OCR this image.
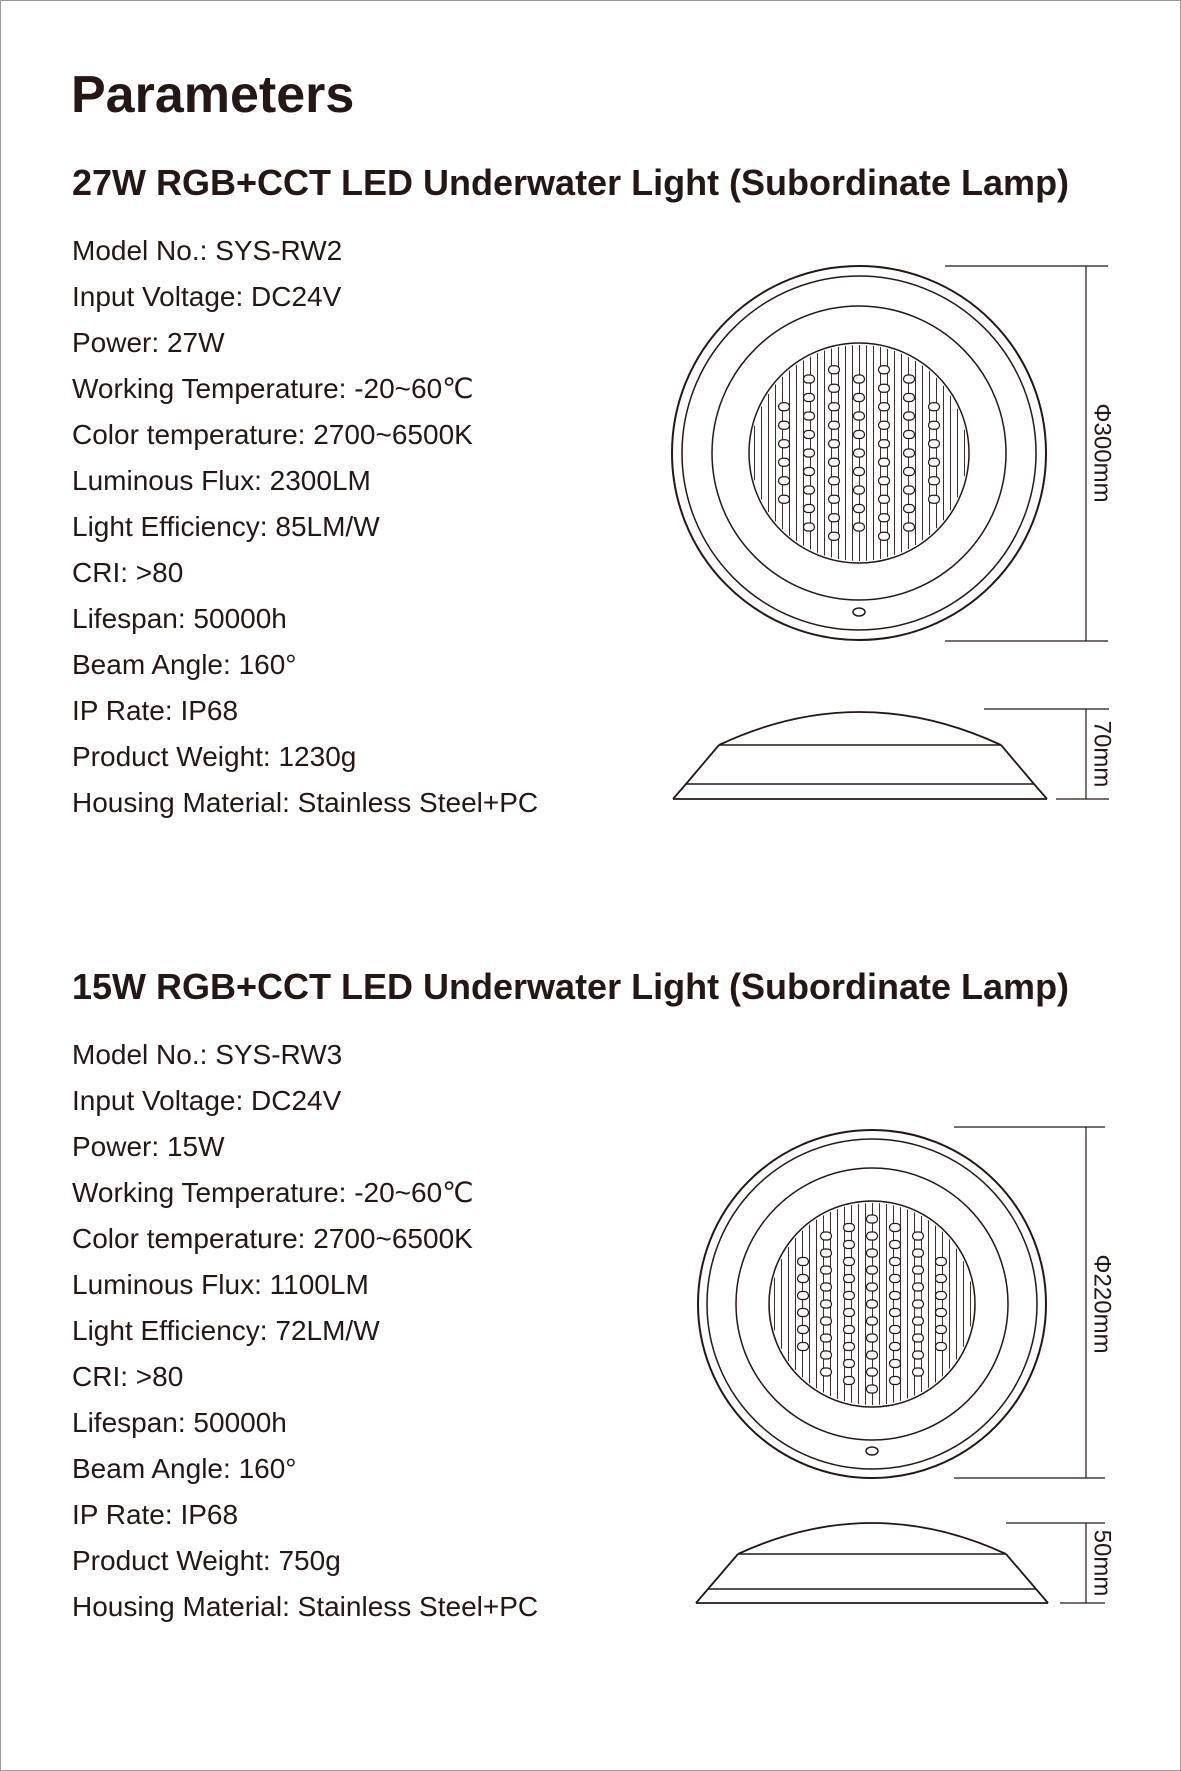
Parameters
27W RGB+CCT LED Underwater Light (Subordinate Lamp)
Model No.: SYS-RW2
Input Voltage: DC24V
Power: 27W
Working Temperature: -20~60℃
Color temperature: 2700~6500K
Luminous Flux: 2300LM
Light Efficiency: 85LM/W
CRI: >80
Lifespan: 50000h
Beam Angle: 160°
IP Rate: IP68
Product Weight: 1230g
Housing Material: Stainless Steel+PC
Φ300mm
70mm
15W RGB+CCT LED Underwater Light (Subordinate Lamp)
Model No.: SYS-RW3
Input Voltage: DC24V
Power: 15W
Working Temperature: -20~60℃
Color temperature: 2700~6500K
Luminous Flux: 1100LM
Light Efficiency: 72LM/W
CRI: >80
Lifespan: 50000h
Beam Angle: 160°
IP Rate: IP68
Product Weight: 750g
Housing Material: Stainless Steel+PC
Φ220mm
50mm
